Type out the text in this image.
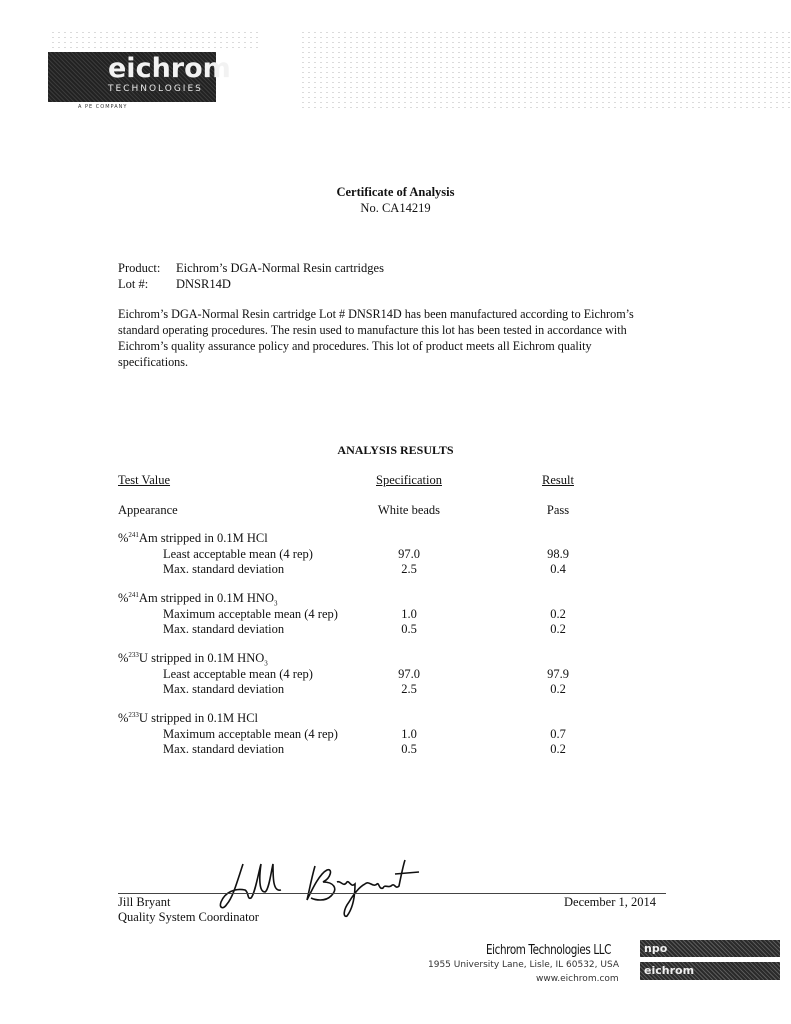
eichrom
TECHNOLOGIES
A PE COMPANY
Certificate of Analysis
No. CA14219
Product: Eichrom’s DGA-Normal Resin cartridges
Lot #: DNSR14D
Eichrom’s DGA-Normal Resin cartridge Lot # DNSR14D has been manufactured according to Eichrom’s standard operating procedures. The resin used to manufacture this lot has been tested in accordance with Eichrom’s quality assurance policy and procedures. This lot of product meets all Eichrom quality specifications.
ANALYSIS RESULTS
Test Value	Specification	Result
Appearance	White beads	Pass
%$^{241}$Am stripped in 0.1M HCl
Least acceptable mean (4 rep)	97.0	98.9
Max. standard deviation	2.5	0.4
%$^{241}$Am stripped in 0.1M $HNO_3$
Maximum acceptable mean (4 rep)	1.0	0.2
Max. standard deviation	0.5	0.2
%$^{233}$U stripped in 0.1M $HNO_3$
Least acceptable mean (4 rep)	97.0	97.9
Max. standard deviation	2.5	0.2
%$^{233}$U stripped in 0.1M HCl
Maximum acceptable mean (4 rep)	1.0	0.7
Max. standard deviation	0.5	0.2
Jill Bryant
Quality System Coordinator
December 1, 2014
Eichrom Technologies LLC
1955 University Lane, Lisle, IL 60532, USA
www.eichrom.com
npo
eichrom
